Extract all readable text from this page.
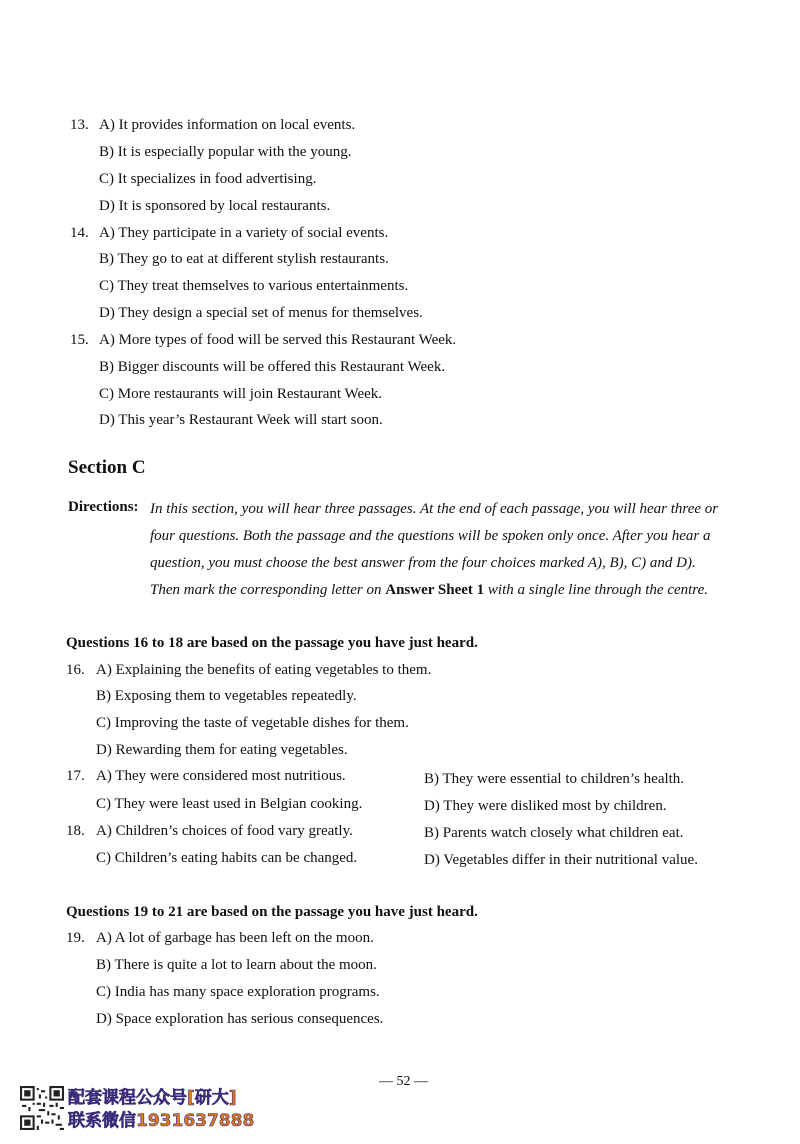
13. A) It provides information on local events.
B) It is especially popular with the young.
C) It specializes in food advertising.
D) It is sponsored by local restaurants.
14. A) They participate in a variety of social events.
B) They go to eat at different stylish restaurants.
C) They treat themselves to various entertainments.
D) They design a special set of menus for themselves.
15. A) More types of food will be served this Restaurant Week.
B) Bigger discounts will be offered this Restaurant Week.
C) More restaurants will join Restaurant Week.
D) This year’s Restaurant Week will start soon.
Section C
Directions: In this section, you will hear three passages. At the end of each passage, you will hear three or
four questions. Both the passage and the questions will be spoken only once. After you hear a
question, you must choose the best answer from the four choices marked A), B), C) and D).
Then mark the corresponding letter on Answer Sheet 1 with a single line through the centre.
Questions 16 to 18 are based on the passage you have just heard.
16. A) Explaining the benefits of eating vegetables to them.
B) Exposing them to vegetables repeatedly.
C) Improving the taste of vegetable dishes for them.
D) Rewarding them for eating vegetables.
17. A) They were considered most nutritious.	B) They were essential to children’s health.
C) They were least used in Belgian cooking.	D) They were disliked most by children.
18. A) Children’s choices of food vary greatly.	B) Parents watch closely what children eat.
C) Children’s eating habits can be changed.	D) Vegetables differ in their nutritional value.
Questions 19 to 21 are based on the passage you have just heard.
19. A) A lot of garbage has been left on the moon.
B) There is quite a lot to learn about the moon.
C) India has many space exploration programs.
D) Space exploration has serious consequences.
— 52 —
配套课程公众号[研大]
联系微信1931637888
